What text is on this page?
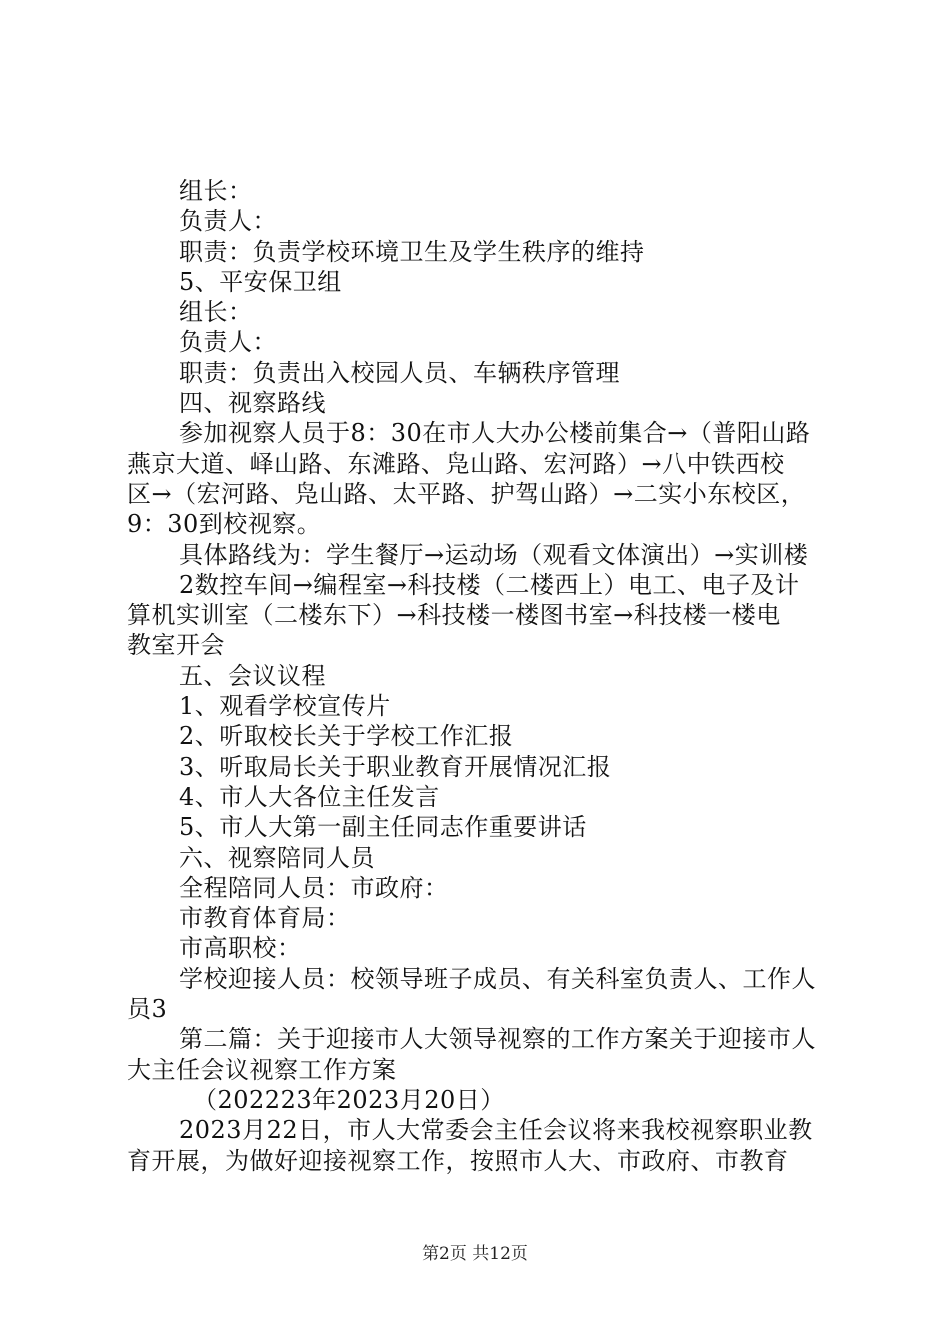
组长：
负责人：
职责：负责学校环境卫生及学生秩序的维持
5、平安保卫组
组长：
负责人：
职责：负责出入校园人员、车辆秩序管理
四、视察路线
参加视察人员于8：30在市人大办公楼前集合→（普阳山路
燕京大道、峄山路、东滩路、凫山路、宏河路）→八中铁西校
区→（宏河路、凫山路、太平路、护驾山路）→二实小东校区，
9：30到校视察。
具体路线为：学生餐厅→运动场（观看文体演出）→实训楼
2数控车间→编程室→科技楼（二楼西上）电工、电子及计
算机实训室（二楼东下）→科技楼一楼图书室→科技楼一楼电
教室开会
五、会议议程
1、观看学校宣传片
2、听取校长关于学校工作汇报
3、听取局长关于职业教育开展情况汇报
4、市人大各位主任发言
5、市人大第一副主任同志作重要讲话
六、视察陪同人员
全程陪同人员：市政府：
市教育体育局：
市高职校：
学校迎接人员：校领导班子成员、有关科室负责人、工作人
员3
第二篇：关于迎接市人大领导视察的工作方案关于迎接市人
大主任会议视察工作方案
（202223年2023月20日）
2023月22日，市人大常委会主任会议将来我校视察职业教
育开展，为做好迎接视察工作，按照市人大、市政府、市教育
第2页 共12页
